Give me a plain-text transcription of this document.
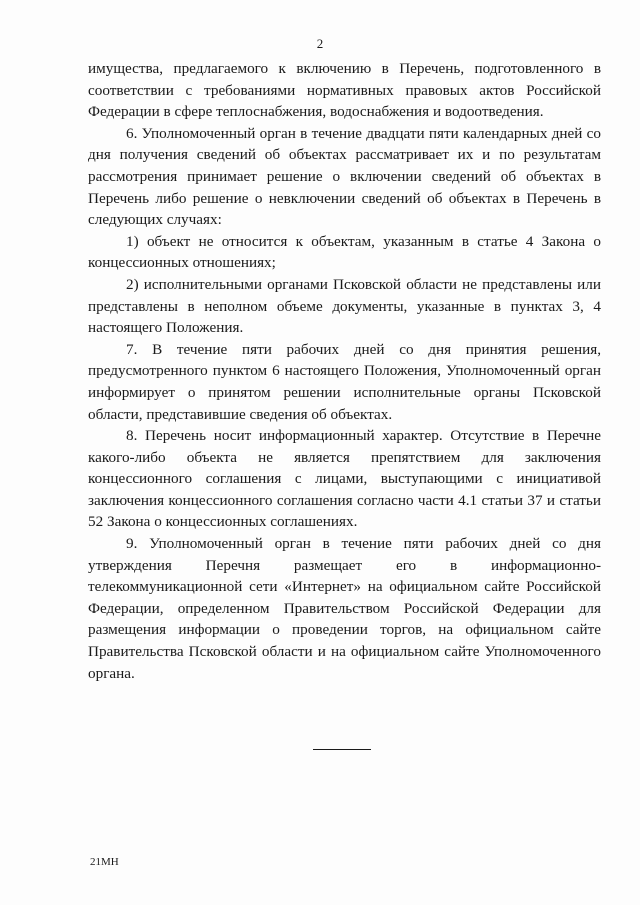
2

имущества, предлагаемого к включению в Перечень, подготовленного в соответствии с требованиями нормативных правовых актов Российской Федерации в сфере теплоснабжения, водоснабжения и водоотведения.

6. Уполномоченный орган в течение двадцати пяти календарных дней со дня получения сведений об объектах рассматривает их и по результатам рассмотрения принимает решение о включении сведений об объектах в Перечень либо решение о невключении сведений об объектах в Перечень в следующих случаях:

1) объект не относится к объектам, указанным в статье 4 Закона о концессионных отношениях;

2) исполнительными органами Псковской области не представлены или представлены в неполном объеме документы, указанные в пунктах 3, 4 настоящего Положения.

7. В течение пяти рабочих дней со дня принятия решения, предусмотренного пунктом 6 настоящего Положения, Уполномоченный орган информирует о принятом решении исполнительные органы Псковской области, представившие сведения об объектах.

8. Перечень носит информационный характер. Отсутствие в Перечне какого-либо объекта не является препятствием для заключения концессионного соглашения с лицами, выступающими с инициативой заключения концессионного соглашения согласно части 4.1 статьи 37 и статьи 52 Закона о концессионных соглашениях.

9. Уполномоченный орган в течение пяти рабочих дней со дня утверждения Перечня размещает его в информационно-телекоммуникационной сети «Интернет» на официальном сайте Российской Федерации, определенном Правительством Российской Федерации для размещения информации о проведении торгов, на официальном сайте Правительства Псковской области и на официальном сайте Уполномоченного органа.

21МН
